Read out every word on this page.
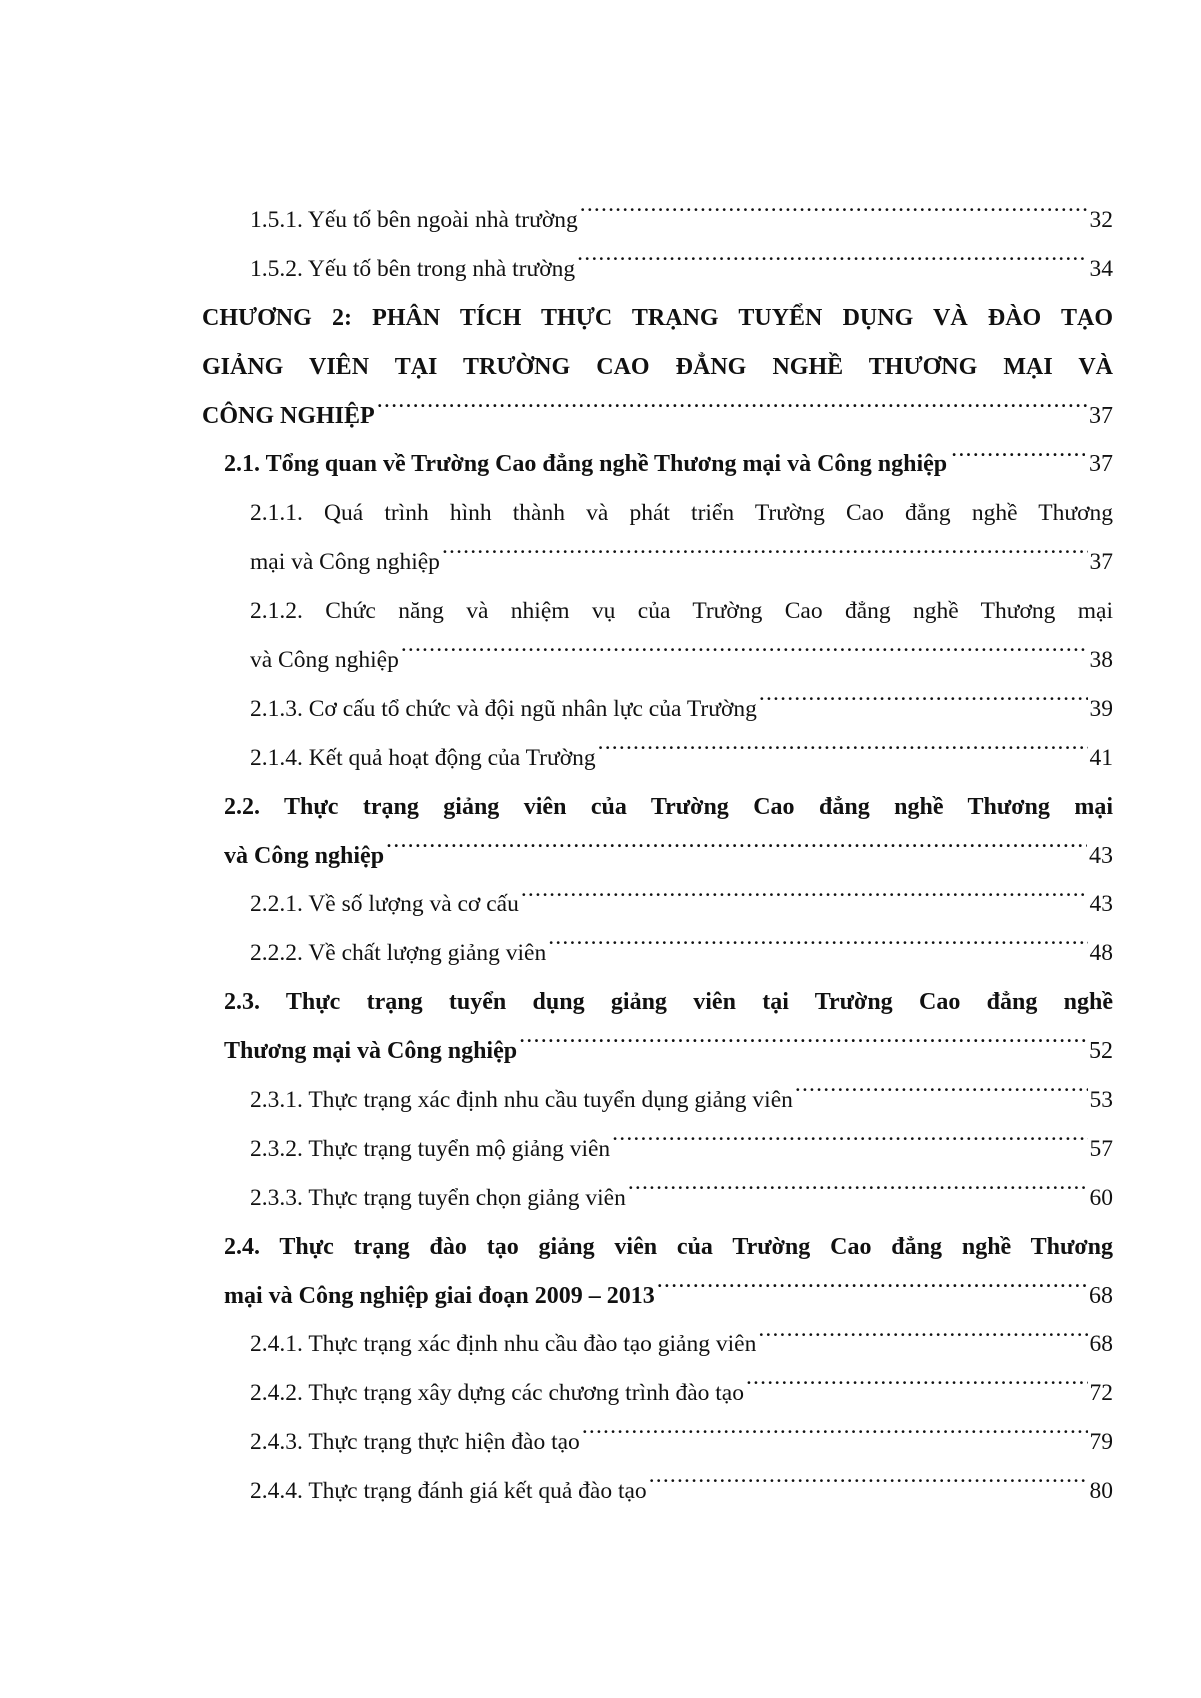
1.5.1. Yếu tố bên ngoài nhà trường .....	32
1.5.2. Yếu tố bên trong nhà trường .....	34
CHƯƠNG 2: PHÂN TÍCH THỰC TRẠNG TUYỂN DỤNG VÀ ĐÀO TẠO
GIẢNG VIÊN TẠI TRƯỜNG CAO ĐẲNG NGHỀ THƯƠNG MẠI VÀ
CÔNG NGHIỆP .....	37
2.1. Tổng quan về Trường Cao đẳng nghề Thương mại và Công nghiệp .....	37
2.1.1. Quá trình hình thành và phát triển Trường Cao đẳng nghề Thương
mại và Công nghiệp .....	37
2.1.2. Chức năng và nhiệm vụ của Trường Cao đẳng nghề Thương mại
và Công nghiệp .....	38
2.1.3. Cơ cấu tổ chức và đội ngũ nhân lực của Trường .....	39
2.1.4. Kết quả hoạt động của Trường .....	41
2.2. Thực trạng giảng viên của Trường Cao đẳng nghề Thương mại
và Công nghiệp .....	43
2.2.1. Về số lượng và cơ cấu .....	43
2.2.2. Về chất lượng giảng viên .....	48
2.3. Thực trạng tuyển dụng giảng viên tại Trường Cao đẳng nghề
Thương mại và Công nghiệp .....	52
2.3.1. Thực trạng xác định nhu cầu tuyển dụng giảng viên .....	53
2.3.2. Thực trạng tuyển mộ giảng viên .....	57
2.3.3. Thực trạng tuyển chọn giảng viên .....	60
2.4. Thực trạng đào tạo giảng viên của Trường Cao đẳng nghề Thương
mại và Công nghiệp giai đoạn 2009 – 2013 .....	68
2.4.1. Thực trạng xác định nhu cầu đào tạo giảng viên .....	68
2.4.2. Thực trạng xây dựng các chương trình đào tạo .....	72
2.4.3. Thực trạng thực hiện đào tạo .....	79
2.4.4. Thực trạng đánh giá kết quả đào tạo .....	80
